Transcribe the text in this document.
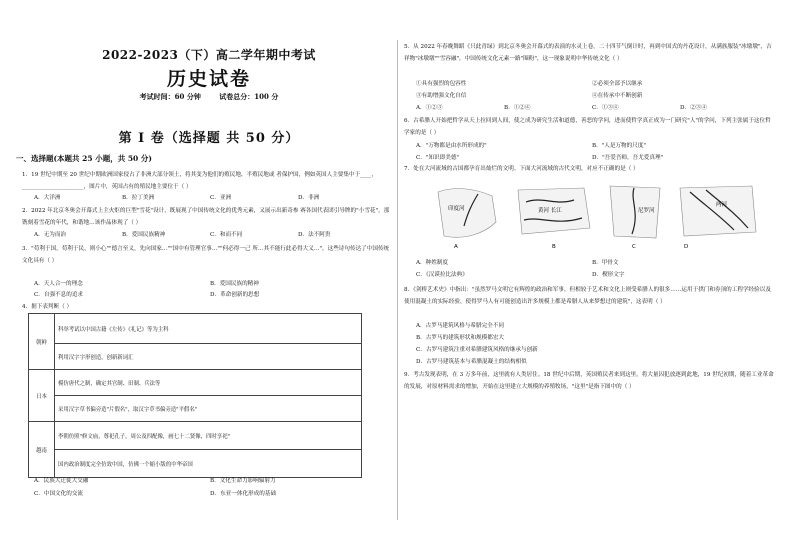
2022-2023（下）高二学年期中考试
历史试卷
考试时间：60 分钟	试卷总分：100 分
第 Ⅰ 卷（选择题 共 50 分）
一、选择题(本题共 25 小题，共 50 分)
1．19 世纪中期至 20 世纪中期欧洲国家侵占了非洲大部分领土，将其变为他们的殖民地、半殖民地或 者保护国，例如英国人主要集中于____，______________________，图片中，英国占有的殖民地主要位于（ ）
A．大洋洲	B．拉丁美洲	C．亚洲	D．非洲
2．2022 年北京冬奥会开幕式上主火炬的巨型"雪花"设计，既展现了中国传统文化的优秀元素，又展示出新奇参 赛各国代表团引导牌的"小雪花"，那镌刻着雪花的年代，和谐地…该作品体现了（ ）
A．无为而治	B．爱国民族精神	C．和而不同	D．法不阿贵
3．"苟利于国，苟利于民，则小心""德言至义，先向国家…""国中有管理官事…""何必得一己 所…其不能行此必得大义…"，这些诗句传达了中国传统文化具有（ ）
A．天人合一的理念	B．爱国民族的精神
C．自强不息的追求	D．革命创新的思想
4．据下表判断（ ）
朝鲜	科举考试以中国古籍《左传》《礼记》等为主科
	利用汉字字形创造，创新新词汇
日本	模仿唐代之制，确定其官制、田制、兵法等
	采用汉字草书偏旁造"片假名"，取汉字草书偏旁造"平假名"
越南	李朝仿照"修文庙，尊祀孔子，周公及四配像，画七十二贤像，四时享祀"
	国内政治制度完全仿效中国，仿佛一个缩小版的中华帝国
A．民族大迁徙大交融	B．文化生命力影响辐射力
C．中国文化的交流	D．东亚一体化形成的基础
5．从 2022 年春晚舞蹈《只此青绿》到北京冬奥会开幕式的表演的水灵上卷，二十四节气倒计时，再到中国式的丹花设计，从满族服装"冰墩墩"，吉祥物"冰墩墩""雪容融"，中国传统文化元素一路"圈粉"，这一现象说明中华传统文化（ ）
①具有强烈的包容性	②必须全部予以继承
③有助增强文化自信	④在传承中不断创新
A．①②③	B．①②④	C．①③④	D．②③④
6．古希腊人开始把哲学从天上拉回到人间，使之成为研究生活和道德，善恶的学问，进而使哲学真正成为一门研究"人"的学问，下列主张属于这位哲学家的是（ ）
A．"万物都是由水所形成的"	B．"人是万物的尺度"
C．"知识即美德"	D．"吾爱吾师，吾尤爱真理"
7．处在大河流域的古国都孕育出灿烂的文明。下面大河流域的古代文明，对应不正确的是（ ）
印度河
A
黄河 长江
B
尼罗河
C
两河
D
A．种姓制度	B．甲骨文
C．《汉谟拉比法典》	D．楔形文字
8．《剑桥艺术史》中指出："虽然罗马文明它有辉煌的政治和军事，但相较于艺术和文化上则受希腊人的很多……运用于拱门和券顶的工程学经验以及使用混凝土的实际经验，使得罗马人有可能创造出许多规模上都是希腊人从来梦想过的建筑"，这表明（ ）
A．古罗马建筑风格与希腊完全不同
B．古罗马的建筑形状和规模都宏大
C．古罗马建筑注重对希腊建筑风格的继承与创新
D．古罗马建筑基本与希腊混凝土的结构相似
9．考古发现表明，在 3 万多年前，这里就有人类居住。18 世纪中后期，英国殖民者来到这里，将大量囚犯放逐到此地，19 世纪初期，随着工业革命的发展，对原材料需求的增加，开始在这里建立大规模的养殖牧场，"这里"是指下图中的（ ）
